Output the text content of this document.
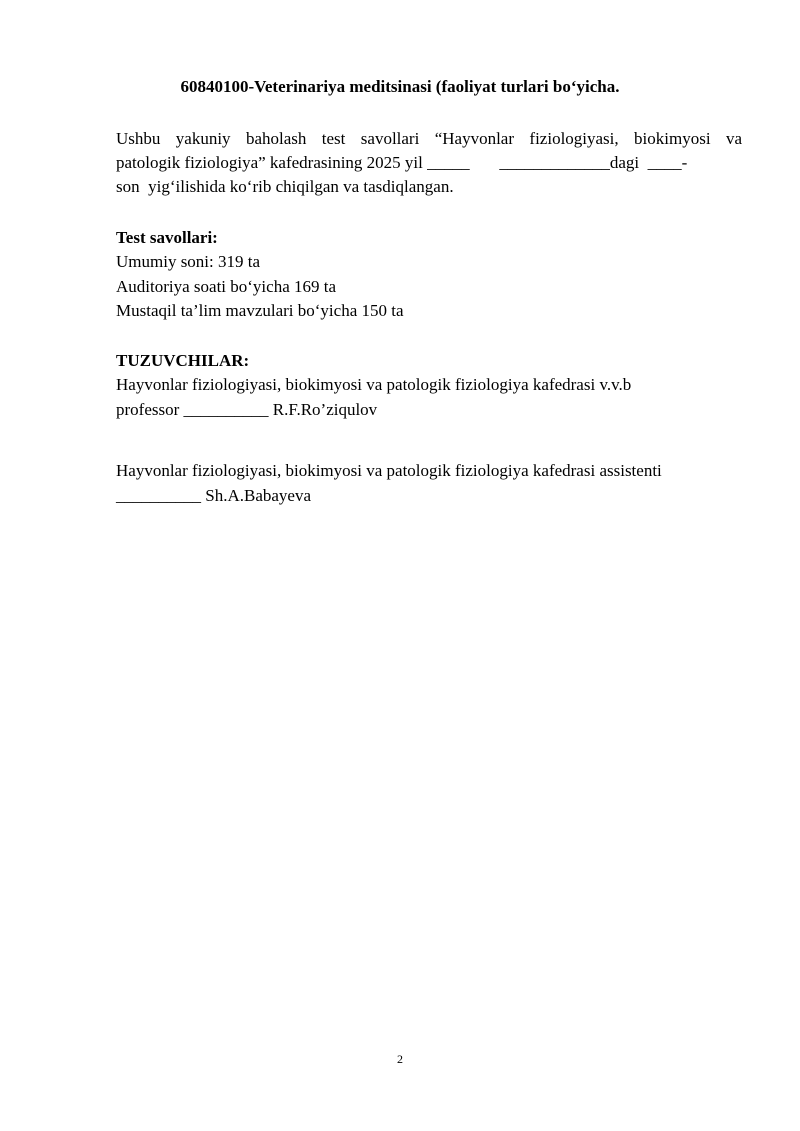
60840100-Veterinariya meditsinasi (faoliyat turlari bo‘yicha.
Ushbu yakuniy baholash test savollari “Hayvonlar fiziologiyasi, biokimyosi va
patologik fiziologiya” kafedrasining 2025 yil _____       _____________dagi  ____-
son  yig‘ilishida ko‘rib chiqilgan va tasdiqlangan.
Test savollari:
Umumiy soni: 319 ta
Auditoriya soati bo‘yicha 169 ta
Mustaqil ta’lim mavzulari bo‘yicha 150 ta
TUZUVCHILAR:
Hayvonlar fiziologiyasi, biokimyosi va patologik fiziologiya kafedrasi v.v.b
professor __________ R.F.Ro’ziqulov
Hayvonlar fiziologiyasi, biokimyosi va patologik fiziologiya kafedrasi assistenti
__________ Sh.A.Babayeva
2
